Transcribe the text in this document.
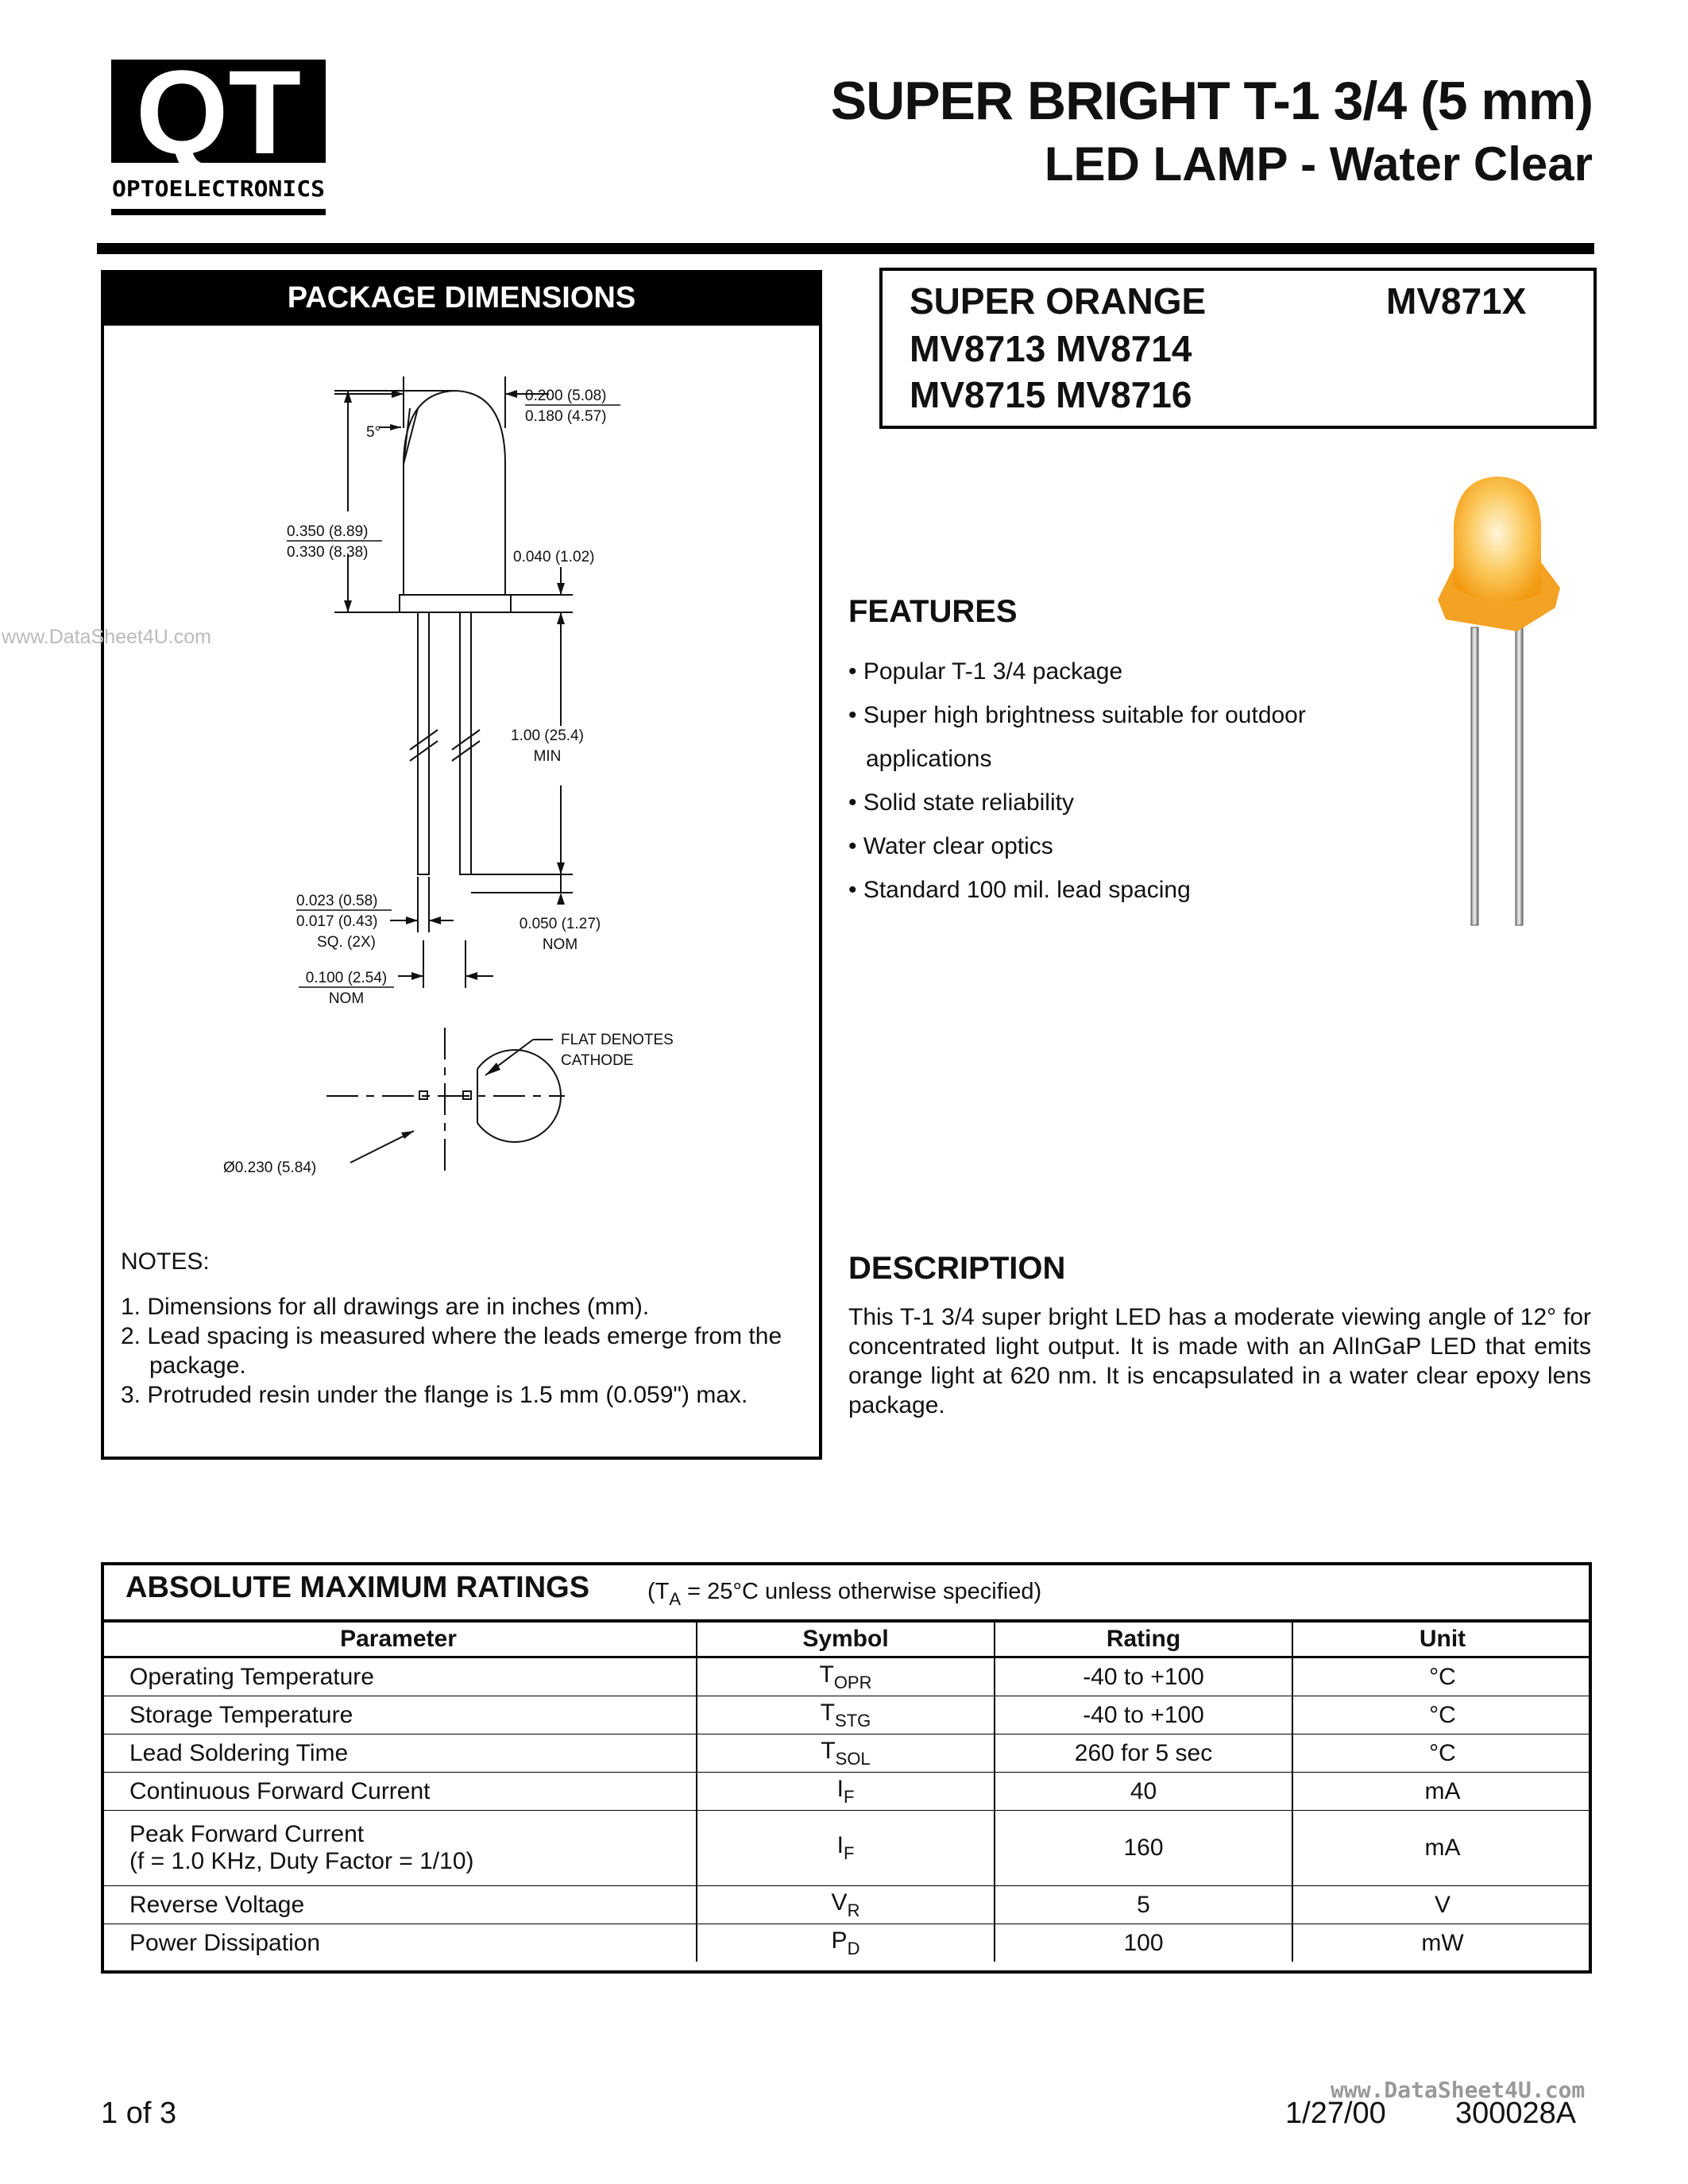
QT
OPTOELECTRONICS
SUPER BRIGHT T-1 3/4 (5 mm)
LED LAMP - Water Clear
PACKAGE DIMENSIONS
0.200 (5.08)
0.180 (4.57)
5°
0.350 (8.89)
0.330 (8.38)	0.040 (1.02)
1.00 (25.4)
MIN
0.023 (0.58)
0.017 (0.43)
SQ. (2X)
0.050 (1.27)
NOM
0.100 (2.54)
NOM
FLAT DENOTES
CATHODE
Ø0.230 (5.84)
NOTES:
1. Dimensions for all drawings are in inches (mm).
2. Lead spacing is measured where the leads emerge from the package.
3. Protruded resin under the flange is 1.5 mm (0.059") max.
SUPER ORANGE	MV871X
MV8713 MV8714
MV8715 MV8716
FEATURES
• Popular T-1 3/4 package
• Super high brightness suitable for outdoor applications
• Solid state reliability
• Water clear optics
• Standard 100 mil. lead spacing
DESCRIPTION
This T-1 3/4 super bright LED has a moderate viewing angle of 12° for concentrated light output. It is made with an AlInGaP LED that emits orange light at 620 nm. It is encapsulated in a water clear epoxy lens package.
ABSOLUTE MAXIMUM RATINGS	($T_A = 25^\circ C$ unless otherwise specified)
Parameter	Symbol	Rating	Unit

Operating Temperature	$T_{OPR}$	-40 to +100	°C

Storage Temperature	$T_{STG}$	-40 to +100	°C

Lead Soldering Time	$T_{SOL}$	260 for 5 sec	°C

Continuous Forward Current	$I_F$	40	mA

Peak Forward Current
(f = 1.0 KHz, Duty Factor = 1/10)	$I_F$	160	mA

Reverse Voltage	$V_R$	5	V

Power Dissipation	$P_D$	100	mW
1 of 3	1/27/00 300028A
www.DataSheet4U.com
www.DataSheet4U.com
